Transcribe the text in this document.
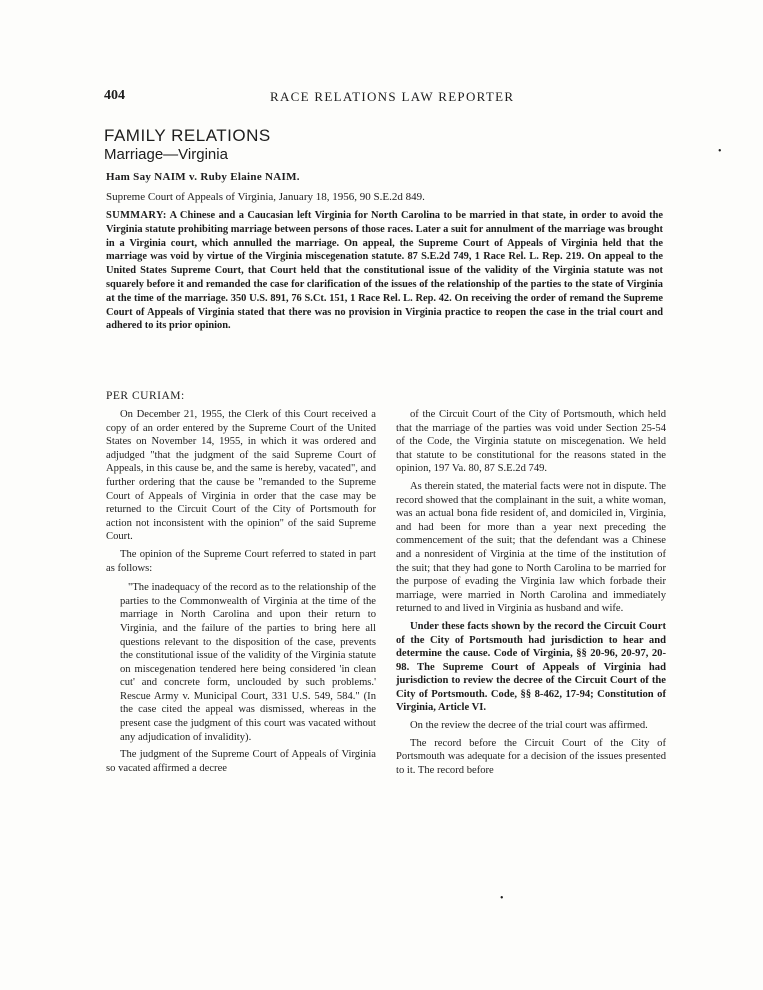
404	RACE RELATIONS LAW REPORTER
FAMILY RELATIONS
Marriage—Virginia
Ham Say NAIM v. Ruby Elaine NAIM.
Supreme Court of Appeals of Virginia, January 18, 1956, 90 S.E.2d 849.
SUMMARY: A Chinese and a Caucasian left Virginia for North Carolina to be married in that state, in order to avoid the Virginia statute prohibiting marriage between persons of those races. Later a suit for annulment of the marriage was brought in a Virginia court, which annulled the marriage. On appeal, the Supreme Court of Appeals of Virginia held that the marriage was void by virtue of the Virginia miscegenation statute. 87 S.E.2d 749, 1 Race Rel. L. Rep. 219. On appeal to the United States Supreme Court, that Court held that the constitutional issue of the validity of the Virginia statute was not squarely before it and remanded the case for clarification of the issues of the relationship of the parties to the state of Virginia at the time of the marriage. 350 U.S. 891, 76 S.Ct. 151, 1 Race Rel. L. Rep. 42. On receiving the order of remand the Supreme Court of Appeals of Virginia stated that there was no provision in Virginia practice to reopen the case in the trial court and adhered to its prior opinion.
PER CURIAM:

On December 21, 1955, the Clerk of this Court received a copy of an order entered by the Supreme Court of the United States on November 14, 1955, in which it was ordered and adjudged "that the judgment of the said Supreme Court of Appeals, in this cause be, and the same is hereby, vacated", and further ordering that the cause be "remanded to the Supreme Court of Appeals of Virginia in order that the case may be returned to the Circuit Court of the City of Portsmouth for action not inconsistent with the opinion" of the said Supreme Court.

The opinion of the Supreme Court referred to stated in part as follows:

"The inadequacy of the record as to the relationship of the parties to the Commonwealth of Virginia at the time of the marriage in North Carolina and upon their return to Virginia, and the failure of the parties to bring here all questions relevant to the disposition of the case, prevents the constitutional issue of the validity of the Virginia statute on miscegenation tendered here being considered 'in clean cut' and concrete form, unclouded by such problems.' Rescue Army v. Municipal Court, 331 U.S. 549, 584." (In the case cited the appeal was dismissed, whereas in the present case the judgment of this court was vacated without any adjudication of invalidity).

The judgment of the Supreme Court of Appeals of Virginia so vacated affirmed a decree

of the Circuit Court of the City of Portsmouth, which held that the marriage of the parties was void under Section 25-54 of the Code, the Virginia statute on miscegenation. We held that statute to be constitutional for the reasons stated in the opinion, 197 Va. 80, 87 S.E.2d 749.

As therein stated, the material facts were not in dispute. The record showed that the complainant in the suit, a white woman, was an actual bona fide resident of, and domiciled in, Virginia, and had been for more than a year next preceding the commencement of the suit; that the defendant was a Chinese and a nonresident of Virginia at the time of the institution of the suit; that they had gone to North Carolina to be married for the purpose of evading the Virginia law which forbade their marriage, were married in North Carolina and immediately returned to and lived in Virginia as husband and wife.

Under these facts shown by the record the Circuit Court of the City of Portsmouth had jurisdiction to hear and determine the cause. Code of Virginia, §§ 20-96, 20-97, 20-98. The Supreme Court of Appeals of Virginia had jurisdiction to review the decree of the Circuit Court of the City of Portsmouth. Code, §§ 8-462, 17-94; Constitution of Virginia, Article VI.

On the review the decree of the trial court was affirmed.

The record before the Circuit Court of the City of Portsmouth was adequate for a decision of the issues presented to it. The record before

•
•
